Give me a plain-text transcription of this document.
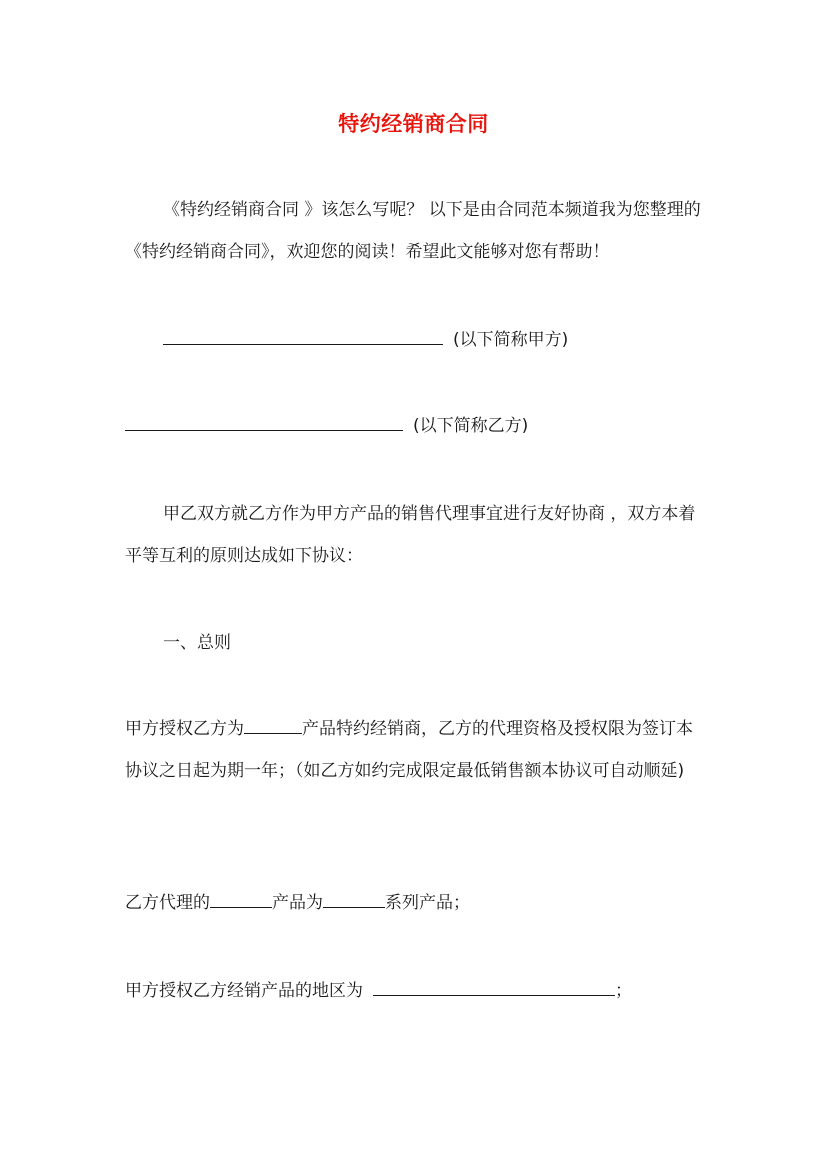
特约经销商合同

《特约经销商合同 》该怎么写呢？ 以下是由合同范本频道我为您整理的《特约经销商合同》，欢迎您的阅读！希望此文能够对您有帮助！

(以下简称甲方)
(以下简称乙方)

甲乙双方就乙方作为甲方产品的销售代理事宜进行友好协商 ，双方本着平等互利的原则达成如下协议：

一、总则

甲方授权乙方为	产品特约经销商，乙方的代理资格及授权限为签订本协议之日起为期一年；（如乙方如约完成限定最低销售额本协议可自动顺延)

乙方代理的	产品为	系列产品；
甲方授权乙方经销产品的地区为	；
